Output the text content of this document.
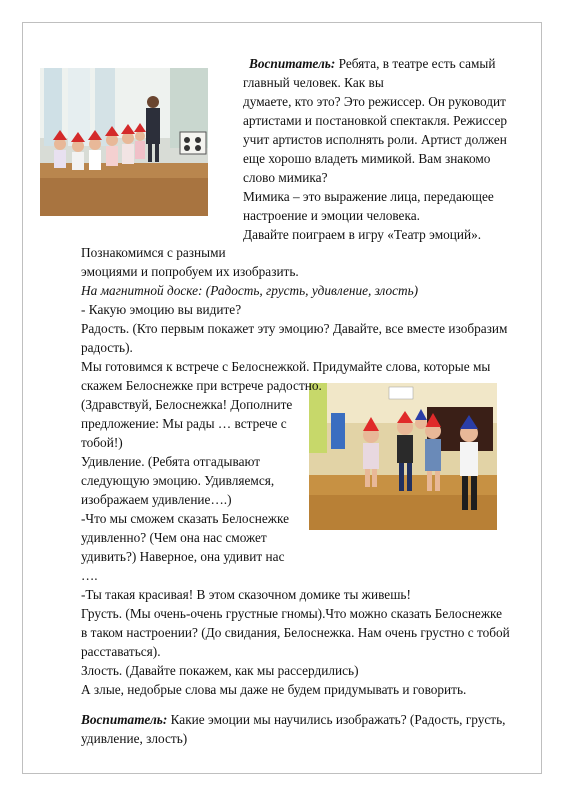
Воспитатель: Ребята, в театре есть самый
главный человек. Как вы
думаете, кто это? Это режиссер. Он руководит
артистами и постановкой спектакля. Режиссер
учит артистов исполнять роли. Артист должен
еще хорошо владеть мимикой. Вам знакомо
слово мимика?
Мимика – это выражение лица, передающее
настроение и эмоции человека.
Давайте поиграем в игру «Театр эмоций».
Познакомимся с разными
эмоциями и попробуем их изобразить.
На магнитной доске: (Радость, грусть, удивление, злость)
- Какую эмоцию вы видите?
Радость. (Кто первым покажет эту эмоцию? Давайте, все вместе изобразим
радость).
Мы готовимся к встрече с Белоснежкой. Придумайте слова, которые мы
скажем Белоснежке при встрече радостно.
(Здравствуй, Белоснежка! Дополните
предложение: Мы рады … встрече с
тобой!)
Удивление. (Ребята отгадывают
следующую эмоцию. Удивляемся,
изображаем удивление….)
-Что мы сможем сказать Белоснежке
удивленно? (Чем она нас сможет
удивить?) Наверное, она удивит нас
….
-Ты такая красивая! В этом сказочном домике ты живешь!
Грусть. (Мы очень-очень грустные гномы).Что можно сказать Белоснежке
в таком настроении? (До свидания, Белоснежка. Нам очень грустно с тобой
расставаться).
Злость. (Давайте покажем, как мы рассердились)
А злые, недобрые слова мы даже не будем придумывать и говорить.
Воспитатель: Какие эмоции мы научились изображать? (Радость, грусть,
удивление, злость)
